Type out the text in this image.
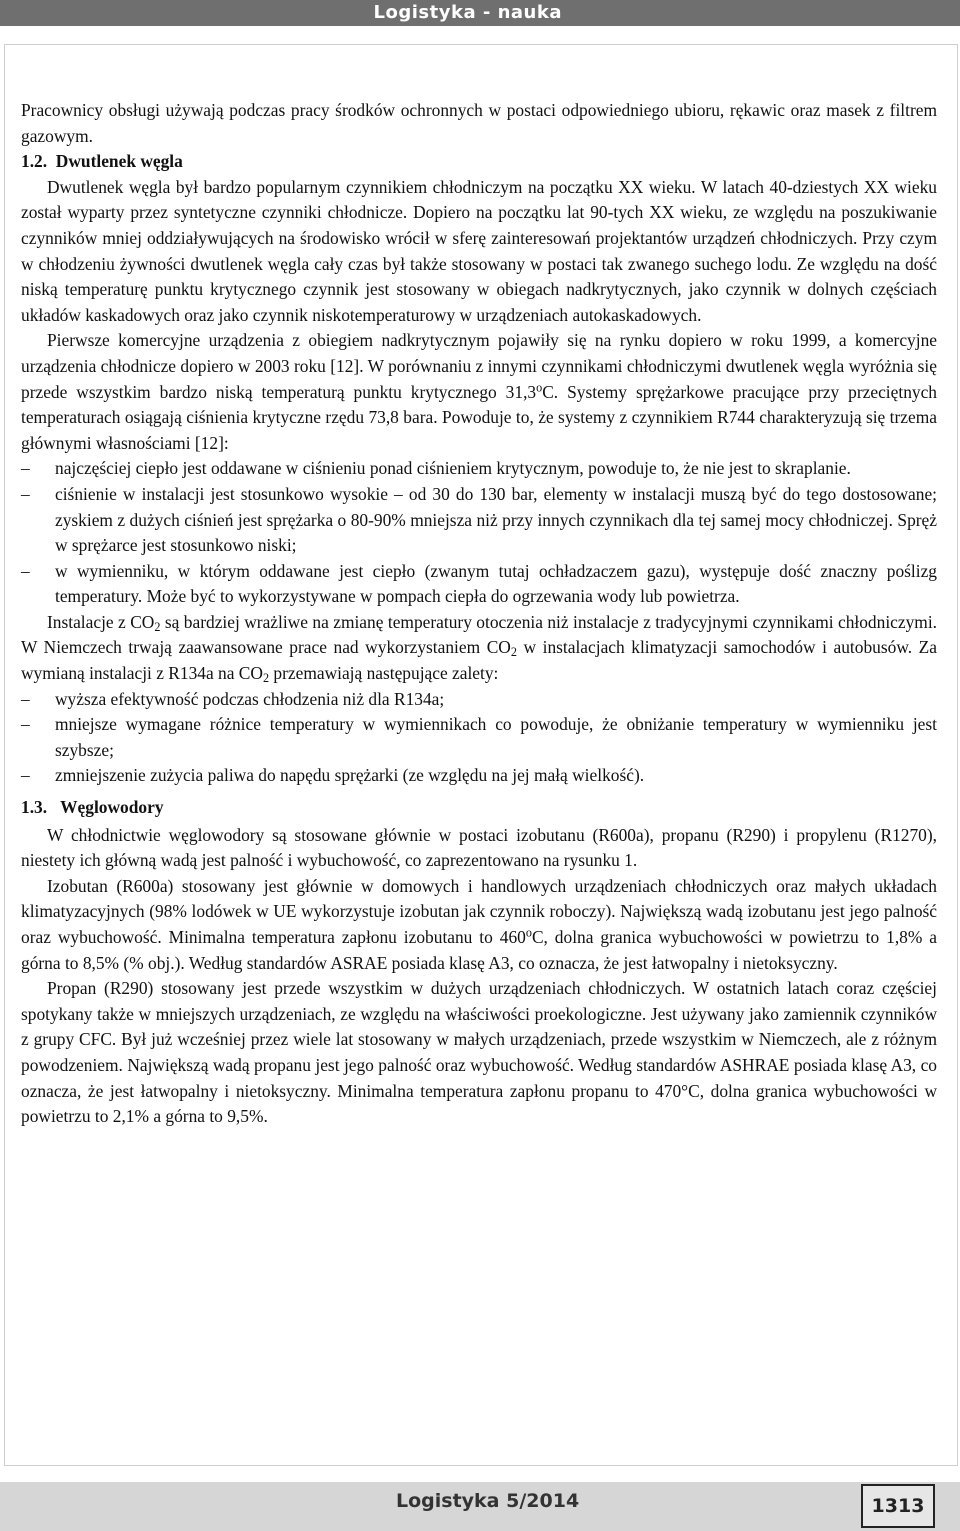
Logistyka - nauka

Pracownicy obsługi używają podczas pracy środków ochronnych w postaci odpowiedniego ubioru, rękawic oraz masek z filtrem gazowym.

1.2. Dwutlenek węgla

Dwutlenek węgla był bardzo popularnym czynnikiem chłodniczym na początku XX wieku. W latach 40-dziestych XX wieku został wyparty przez syntetyczne czynniki chłodnicze. Dopiero na początku lat 90-tych XX wieku, ze względu na poszukiwanie czynników mniej oddziaływujących na środowisko wrócił w sferę zainteresowań projektantów urządzeń chłodniczych. Przy czym w chłodzeniu żywności dwutlenek węgla cały czas był także stosowany w postaci tak zwanego suchego lodu. Ze względu na dość niską temperaturę punktu krytycznego czynnik jest stosowany w obiegach nadkrytycznych, jako czynnik w dolnych częściach układów kaskadowych oraz jako czynnik niskotemperaturowy w urządzeniach autokaskadowych.

Pierwsze komercyjne urządzenia z obiegiem nadkrytycznym pojawiły się na rynku dopiero w roku 1999, a komercyjne urządzenia chłodnicze dopiero w 2003 roku [12]. W porównaniu z innymi czynnikami chłodniczymi dwutlenek węgla wyróżnia się przede wszystkim bardzo niską temperaturą punktu krytycznego 31,3$^o$C. Systemy sprężarkowe pracujące przy przeciętnych temperaturach osiągają ciśnienia krytyczne rzędu 73,8 bara. Powoduje to, że systemy z czynnikiem R744 charakteryzują się trzema głównymi własnościami [12]:

– najczęściej ciepło jest oddawane w ciśnieniu ponad ciśnieniem krytycznym, powoduje to, że nie jest to skraplanie.
– ciśnienie w instalacji jest stosunkowo wysokie – od 30 do 130 bar, elementy w instalacji muszą być do tego dostosowane; zyskiem z dużych ciśnień jest sprężarka o 80-90% mniejsza niż przy innych czynnikach dla tej samej mocy chłodniczej. Spręż w sprężarce jest stosunkowo niski;
– w wymienniku, w którym oddawane jest ciepło (zwanym tutaj ochładzaczem gazu), występuje dość znaczny poślizg temperatury. Może być to wykorzystywane w pompach ciepła do ogrzewania wody lub powietrza.

Instalacje z $CO_2$ są bardziej wrażliwe na zmianę temperatury otoczenia niż instalacje z tradycyjnymi czynnikami chłodniczymi. W Niemczech trwają zaawansowane prace nad wykorzystaniem $CO_2$ w instalacjach klimatyzacji samochodów i autobusów. Za wymianą instalacji z R134a na $CO_2$ przemawiają następujące zalety:

– wyższa efektywność podczas chłodzenia niż dla R134a;
– mniejsze wymagane różnice temperatury w wymiennikach co powoduje, że obniżanie temperatury w wymienniku jest szybsze;
– zmniejszenie zużycia paliwa do napędu sprężarki (ze względu na jej małą wielkość).

1.3. Węglowodory

W chłodnictwie węglowodory są stosowane głównie w postaci izobutanu (R600a), propanu (R290) i propylenu (R1270), niestety ich główną wadą jest palność i wybuchowość, co zaprezentowano na rysunku 1.

Izobutan (R600a) stosowany jest głównie w domowych i handlowych urządzeniach chłodniczych oraz małych układach klimatyzacyjnych (98% lodówek w UE wykorzystuje izobutan jak czynnik roboczy). Największą wadą izobutanu jest jego palność oraz wybuchowość. Minimalna temperatura zapłonu izobutanu to 460$^o$C, dolna granica wybuchowości w powietrzu to 1,8% a górna to 8,5% (% obj.). Według standardów ASRAE posiada klasę A3, co oznacza, że jest łatwopalny i nietoksyczny.

Propan (R290) stosowany jest przede wszystkim w dużych urządzeniach chłodniczych. W ostatnich latach coraz częściej spotykany także w mniejszych urządzeniach, ze względu na właściwości proekologiczne. Jest używany jako zamiennik czynników z grupy CFC. Był już wcześniej przez wiele lat stosowany w małych urządzeniach, przede wszystkim w Niemczech, ale z różnym powodzeniem. Największą wadą propanu jest jego palność oraz wybuchowość. Według standardów ASHRAE posiada klasę A3, co oznacza, że jest łatwopalny i nietoksyczny. Minimalna temperatura zapłonu propanu to 470°C, dolna granica wybuchowości w powietrzu to 2,1% a górna to 9,5%.

Logistyka 5/2014	1313
